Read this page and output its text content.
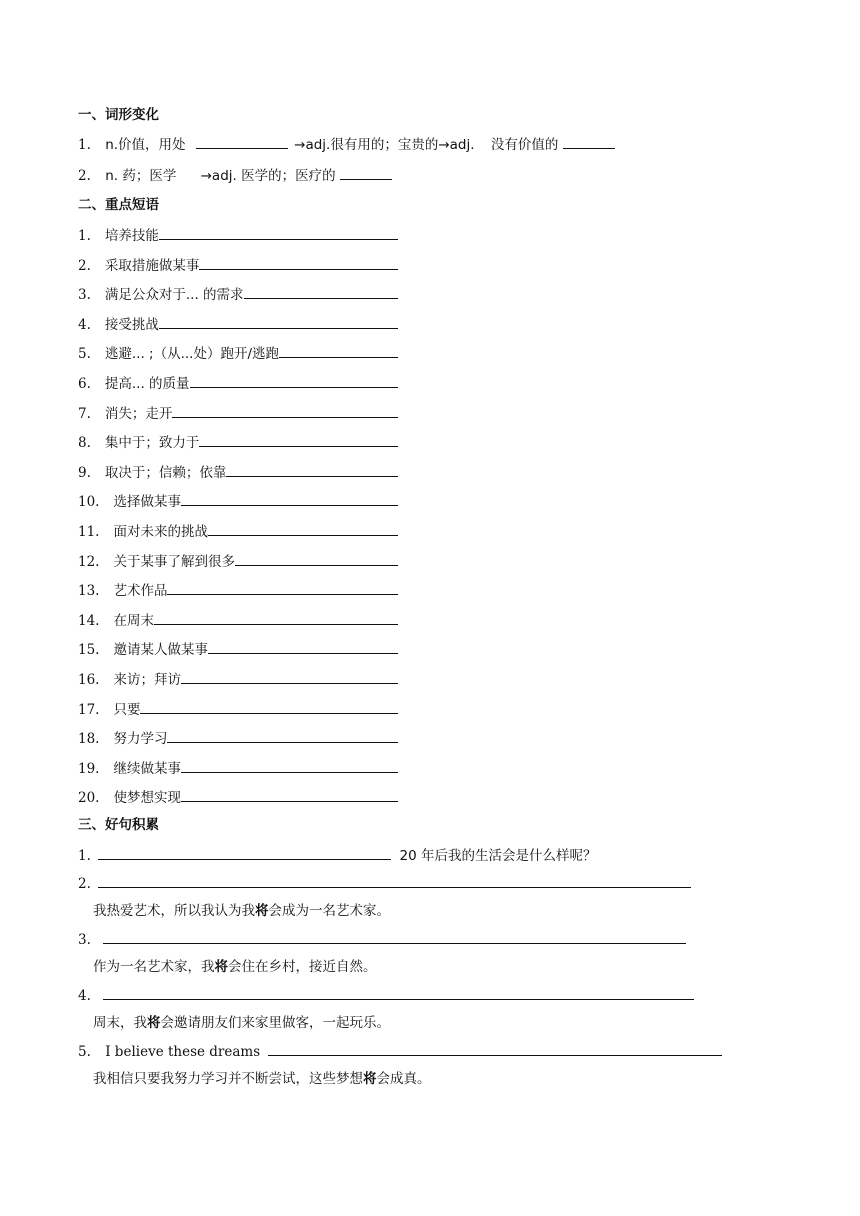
一、词形变化
1. n.价值，用处	→adj.很有用的；宝贵的→adj. 没有价值的
2. n. 药；医学 →adj. 医学的；医疗的
二、重点短语
1. 培养技能
2. 采取措施做某事
3. 满足公众对于... 的需求
4. 接受挑战
5. 逃避... ;（从...处）跑开/逃跑
6. 提高... 的质量
7. 消失；走开
8. 集中于；致力于
9. 取决于；信赖；依靠
10. 选择做某事
11. 面对未来的挑战
12. 关于某事了解到很多
13. 艺术作品
14. 在周末
15. 邀请某人做某事
16. 来访；拜访
17. 只要
18. 努力学习
19. 继续做某事
20. 使梦想实现
三、好句积累
1.	20 年后我的生活会是什么样呢？
2.
我热爱艺术，所以我认为我将会成为一名艺术家。
3.
作为一名艺术家，我将会住在乡村，接近自然。
4.
周末，我将会邀请朋友们来家里做客，一起玩乐。
5. I believe these dreams
我相信只要我努力学习并不断尝试，这些梦想将会成真。
